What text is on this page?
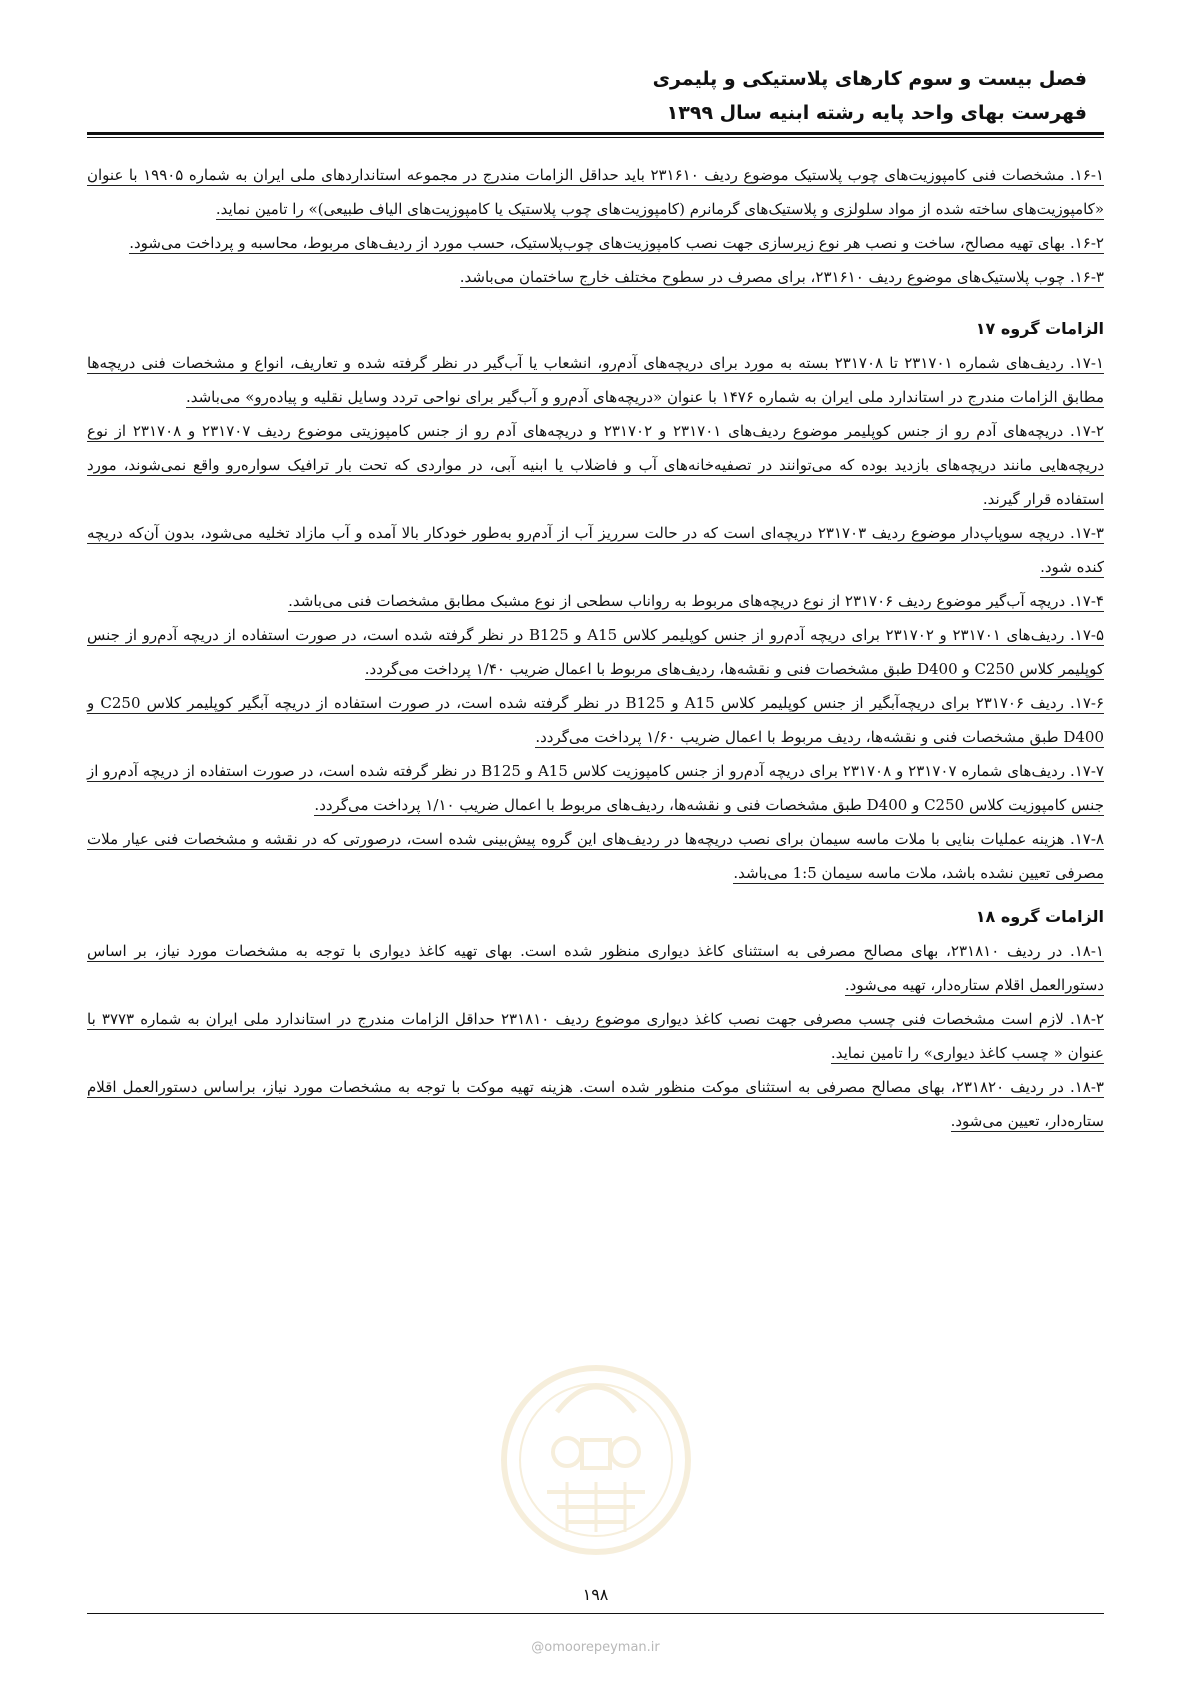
فصل بیست و سوم کارهای پلاستیکی و پلیمری
فهرست بهای واحد پایه رشته ابنیه سال ۱۳۹۹

۱۶-۱. مشخصات فنی کامپوزیت‌های چوب پلاستیک موضوع ردیف ۲۳۱۶۱۰ باید حداقل الزامات مندرج در مجموعه استانداردهای ملی ایران به شماره ۱۹۹۰۵ با عنوان «کامپوزیت‌های ساخته شده از مواد سلولزی و پلاستیک‌های گرمانرم (کامپوزیت‌های چوب پلاستیک یا کامپوزیت‌های الیاف طبیعی)» را تامین نماید.

۱۶-۲. بهای تهیه مصالح، ساخت و نصب هر نوع زیرسازی جهت نصب کامپوزیت‌های چوب‌پلاستیک، حسب مورد از ردیف‌های مربوط، محاسبه و پرداخت می‌شود.

۱۶-۳. چوب پلاستیک‌های موضوع ردیف ۲۳۱۶۱۰، برای مصرف در سطوح مختلف خارج ساختمان می‌باشد.

الزامات گروه ۱۷

۱۷-۱. ردیف‌های شماره ۲۳۱۷۰۱ تا ۲۳۱۷۰۸ بسته به مورد برای دریچه‌های آدم‌رو، انشعاب یا آب‌گیر در نظر گرفته شده و تعاریف، انواع و مشخصات فنی دریچه‌ها مطابق الزامات مندرج در استاندارد ملی ایران به شماره ۱۴۷۶ با عنوان «دریچه‌های آدم‌رو و آب‌گیر برای نواحی تردد وسایل نقلیه و پیاده‌رو» می‌باشد.

۱۷-۲. دریچه‌های آدم رو از جنس کوپلیمر موضوع ردیف‌های ۲۳۱۷۰۱ و ۲۳۱۷۰۲ و دریچه‌های آدم رو از جنس کامپوزیتی موضوع ردیف ۲۳۱۷۰۷ و ۲۳۱۷۰۸ از نوع دریچه‌هایی مانند دریچه‌های بازدید بوده که می‌توانند در تصفیه‌خانه‌های آب و فاضلاب یا ابنیه آبی، در مواردی که تحت بار ترافیک سواره‌رو واقع نمی‌شوند، مورد استفاده قرار گیرند.

۱۷-۳. دریچه سوپاپ‌دار موضوع ردیف ۲۳۱۷۰۳ دریچه‌ای است که در حالت سرریز آب از آدم‌رو به‌طور خودکار بالا آمده و آب مازاد تخلیه می‌شود، بدون آن‌که دریچه کنده شود.

۱۷-۴. دریچه آب‌گیر موضوع ردیف ۲۳۱۷۰۶ از نوع دریچه‌های مربوط به رواناب سطحی از نوع مشبک مطابق مشخصات فنی می‌باشد.

۱۷-۵. ردیف‌های ۲۳۱۷۰۱ و ۲۳۱۷۰۲ برای دریچه آدم‌رو از جنس کوپلیمر کلاس A15 و B125 در نظر گرفته شده است، در صورت استفاده از دریچه آدم‌رو از جنس کوپلیمر کلاس C250 و D400 طبق مشخصات فنی و نقشه‌ها، ردیف‌های مربوط با اعمال ضریب ۱/۴۰ پرداخت می‌گردد.

۱۷-۶. ردیف ۲۳۱۷۰۶ برای دریچه‌آبگیر از جنس کوپلیمر کلاس A15 و B125 در نظر گرفته شده است، در صورت استفاده از دریچه آبگیر کوپلیمر کلاس C250 و D400 طبق مشخصات فنی و نقشه‌ها، ردیف مربوط با اعمال ضریب ۱/۶۰ پرداخت می‌گردد.

۱۷-۷. ردیف‌های شماره ۲۳۱۷۰۷ و ۲۳۱۷۰۸ برای دریچه آدم‌رو از جنس کامپوزیت کلاس A15 و B125 در نظر گرفته شده است، در صورت استفاده از دریچه آدم‌رو از جنس کامپوزیت کلاس C250 و D400 طبق مشخصات فنی و نقشه‌ها، ردیف‌های مربوط با اعمال ضریب ۱/۱۰ پرداخت می‌گردد.

۱۷-۸. هزینه عملیات بنایی با ملات ماسه سیمان برای نصب دریچه‌ها در ردیف‌های این گروه پیش‌بینی شده است، درصورتی که در نقشه و مشخصات فنی عیار ملات مصرفی تعیین نشده باشد، ملات ماسه سیمان 1:5 می‌باشد.

الزامات گروه ۱۸

۱۸-۱. در ردیف ۲۳۱۸۱۰، بهای مصالح مصرفی به استثنای کاغذ دیواری منظور شده است. بهای تهیه کاغذ دیواری با توجه به مشخصات مورد نیاز، بر اساس دستورالعمل اقلام ستاره‌دار، تهیه می‌شود.

۱۸-۲. لازم است مشخصات فنی چسب مصرفی جهت نصب کاغذ دیواری موضوع ردیف ۲۳۱۸۱۰ حداقل الزامات مندرج در استاندارد ملی ایران به شماره ۳۷۷۳ با عنوان « چسب کاغذ دیواری» را تامین نماید.

۱۸-۳. در ردیف ۲۳۱۸۲۰، بهای مصالح مصرفی به استثنای موکت منظور شده است. هزینه تهیه موکت با توجه به مشخصات مورد نیاز، براساس دستورالعمل اقلام ستاره‌دار، تعیین می‌شود.

۱۹۸
@omoorepeyman.ir
